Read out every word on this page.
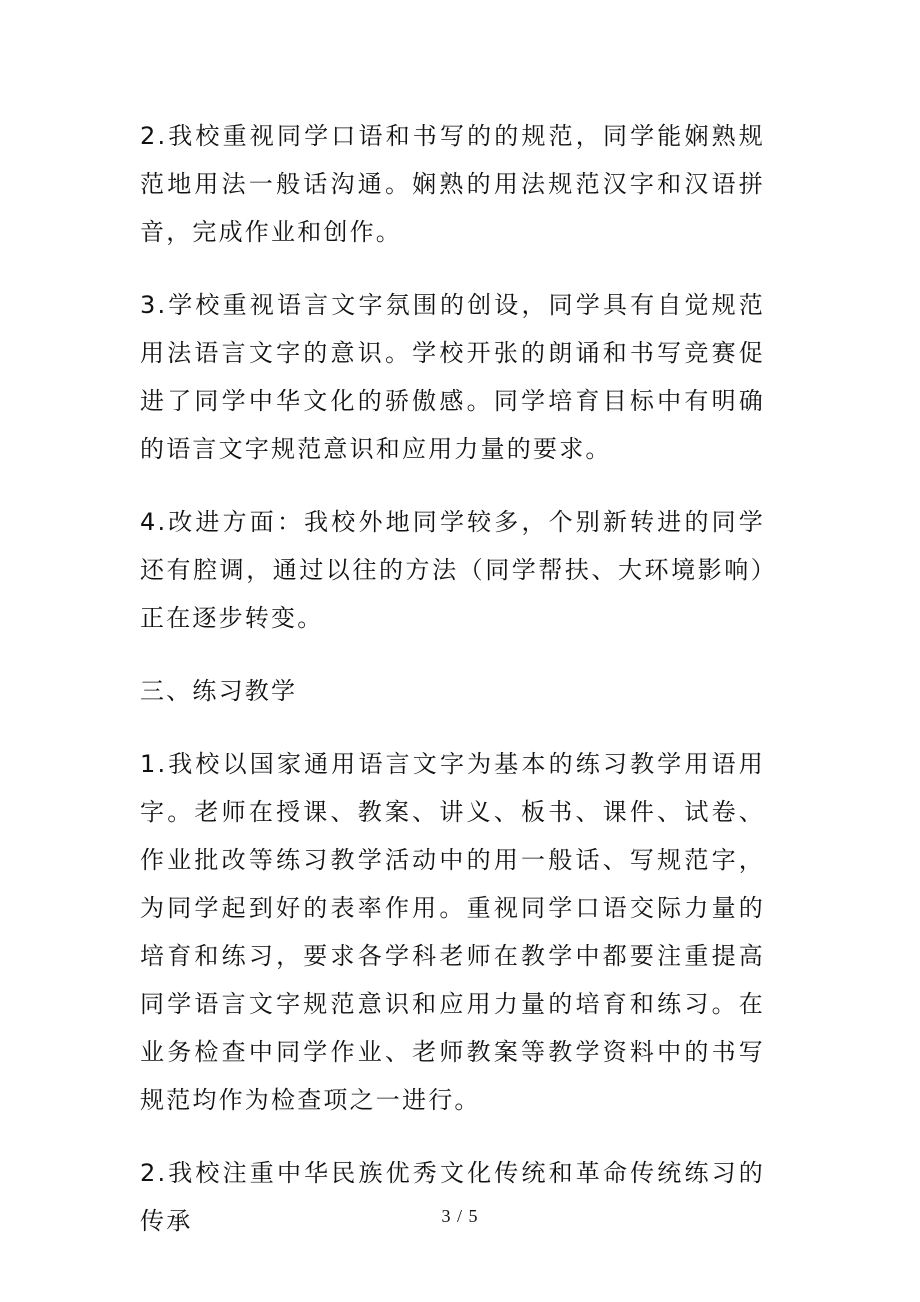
2.我校重视同学口语和书写的的规范，同学能娴熟规范地用法一般话沟通。娴熟的用法规范汉字和汉语拼音，完成作业和创作。

3.学校重视语言文字氛围的创设，同学具有自觉规范用法语言文字的意识。学校开张的朗诵和书写竞赛促进了同学中华文化的骄傲感。同学培育目标中有明确的语言文字规范意识和应用力量的要求。

4.改进方面：我校外地同学较多，个别新转进的同学还有腔调，通过以往的方法（同学帮扶、大环境影响）正在逐步转变。

三、练习教学

1.我校以国家通用语言文字为基本的练习教学用语用字。老师在授课、教案、讲义、板书、课件、试卷、作业批改等练习教学活动中的用一般话、写规范字，为同学起到好的表率作用。重视同学口语交际力量的培育和练习，要求各学科老师在教学中都要注重提高同学语言文字规范意识和应用力量的培育和练习。在业务检查中同学作业、老师教案等教学资料中的书写规范均作为检查项之一进行。

2.我校注重中华民族优秀文化传统和革命传统练习的传承	3 / 5
